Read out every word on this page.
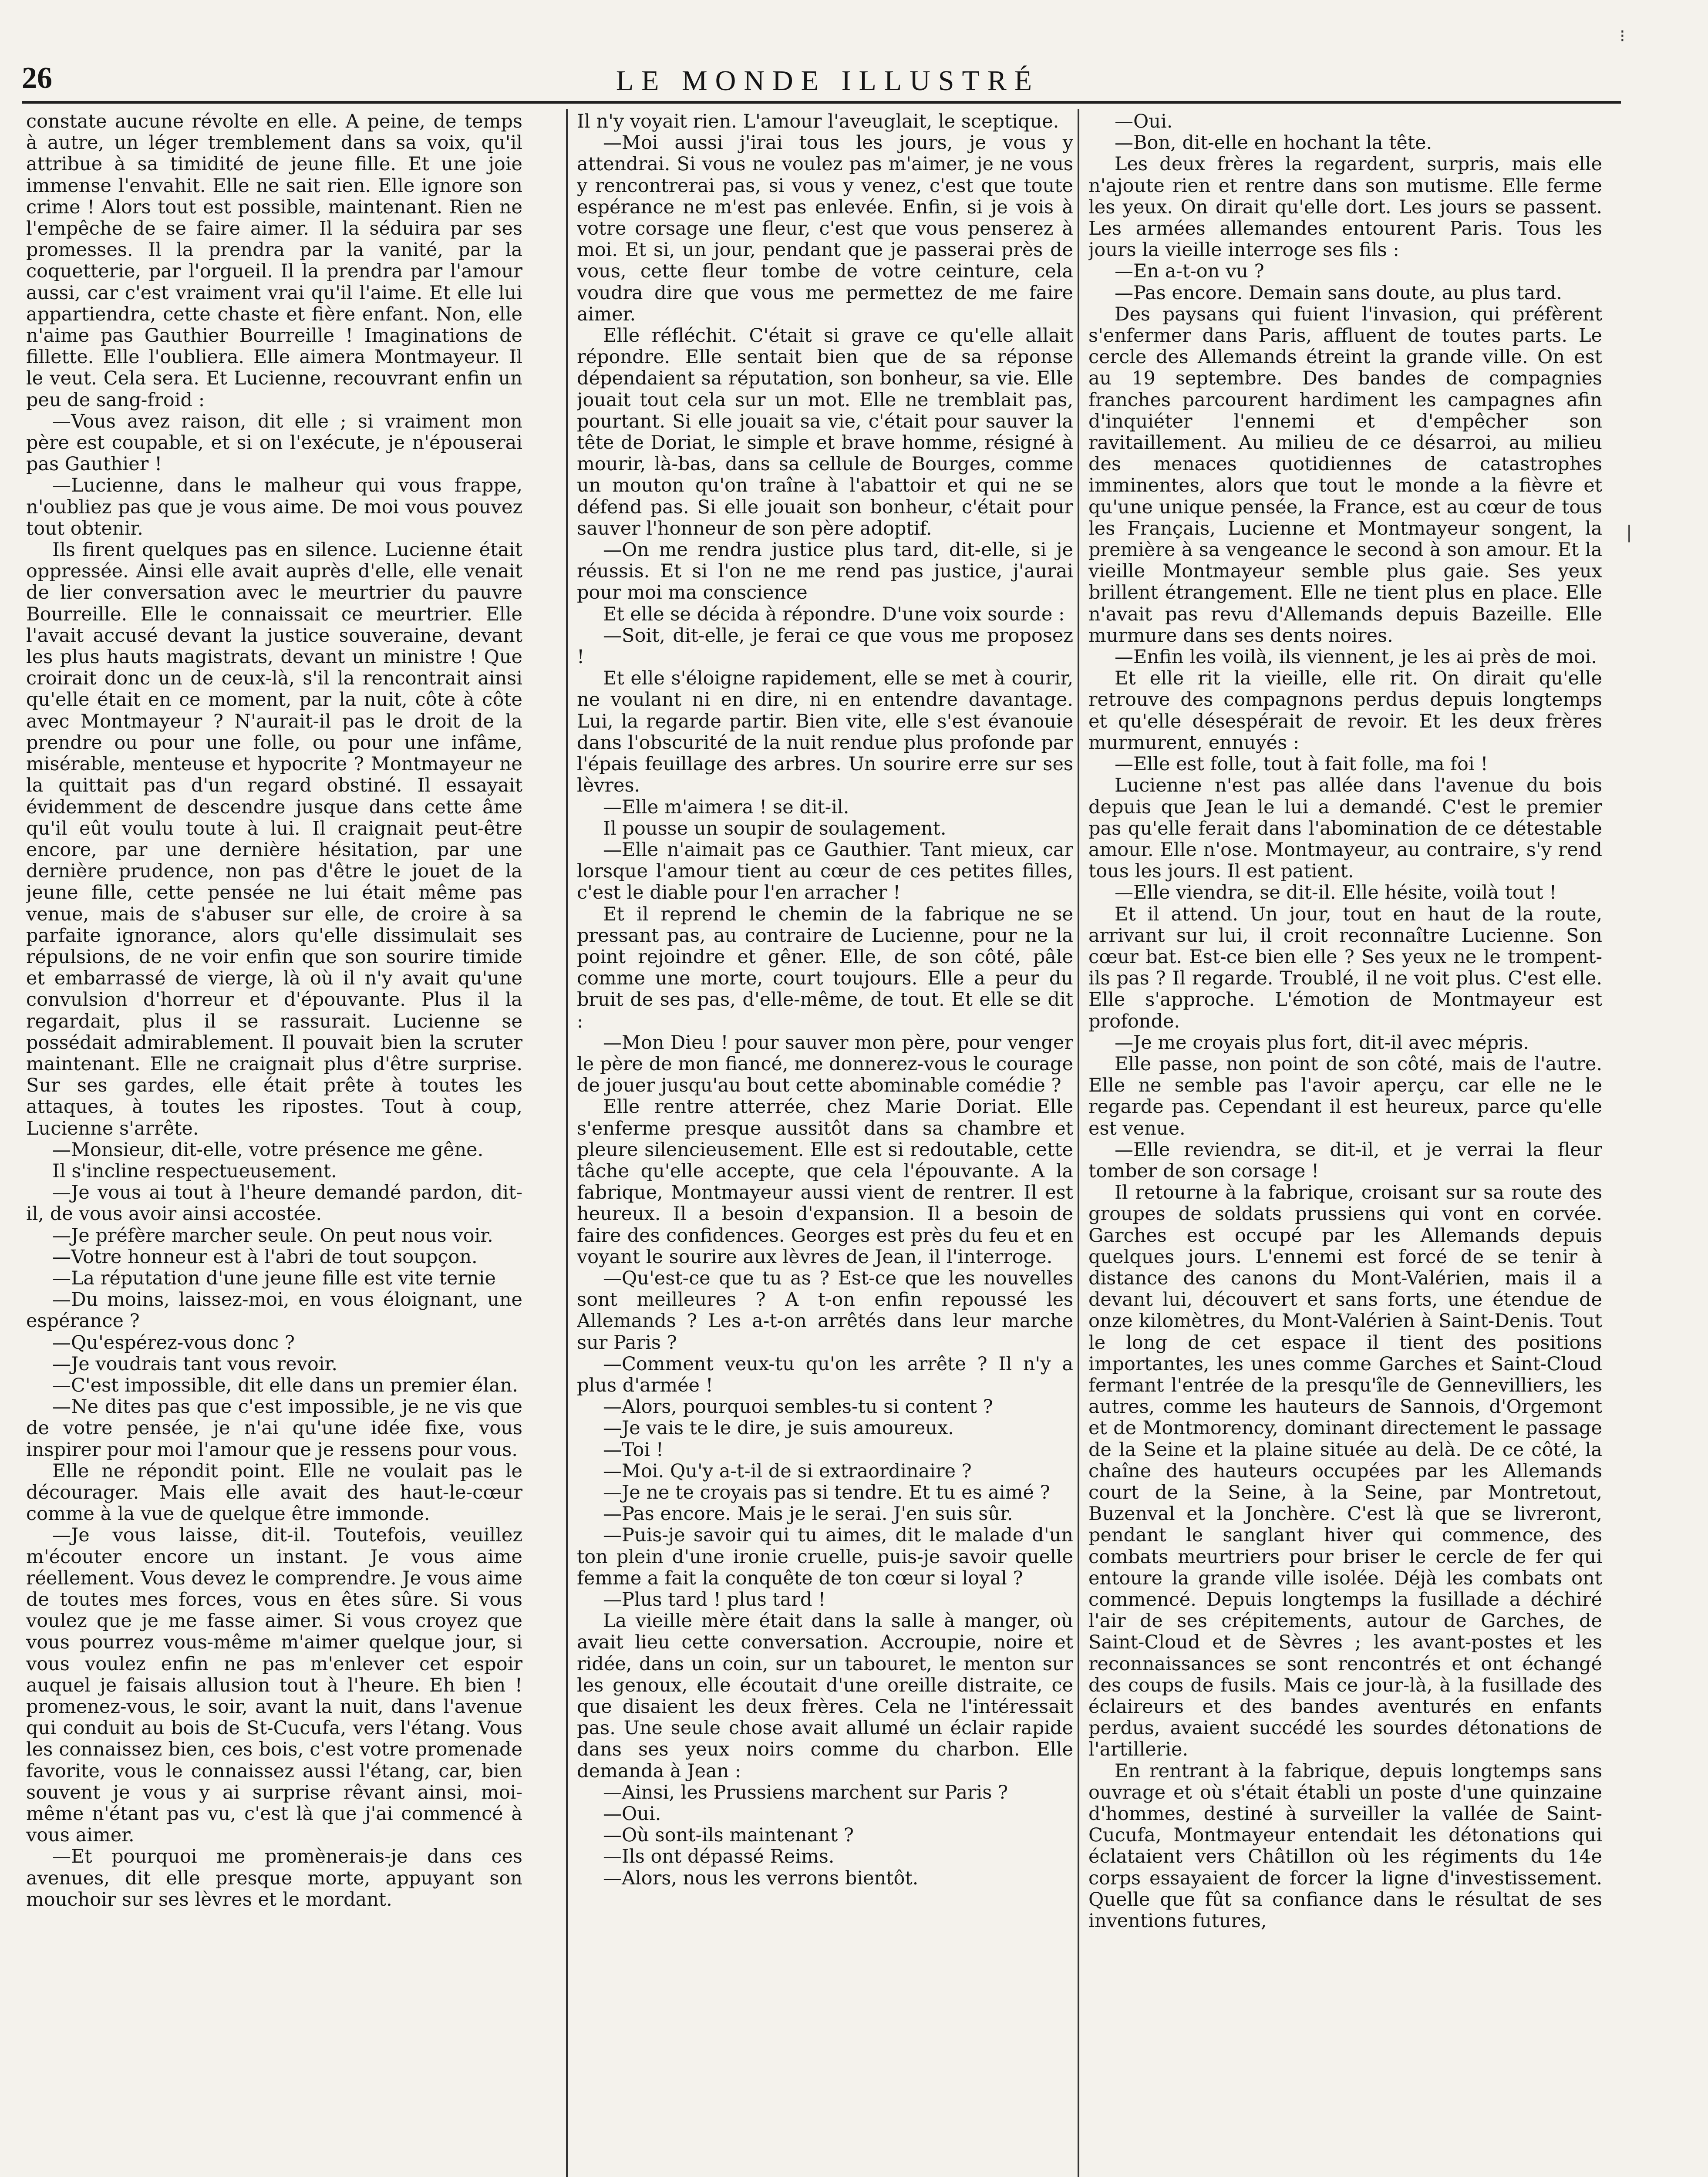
26	LE MONDE ILLUSTRÉ

constate aucune révolte en elle. A peine, de temps à autre, un léger tremblement dans sa voix, qu'il attribue à sa timidité de jeune fille. Et une joie immense l'envahit. Elle ne sait rien. Elle ignore son crime ! Alors tout est possible, maintenant. Rien ne l'empêche de se faire aimer. Il la séduira par ses promesses. Il la prendra par la vanité, par la coquetterie, par l'orgueil. Il la prendra par l'amour aussi, car c'est vraiment vrai qu'il l'aime. Et elle lui appartiendra, cette chaste et fière enfant. Non, elle n'aime pas Gauthier Bourreille ! Imaginations de fillette. Elle l'oubliera. Elle aimera Montmayeur. Il le veut. Cela sera. Et Lucienne, recouvrant enfin un peu de sang-froid :

—Vous avez raison, dit elle ; si vraiment mon père est coupable, et si on l'exécute, je n'épouserai pas Gauthier !

—Lucienne, dans le malheur qui vous frappe, n'oubliez pas que je vous aime. De moi vous pouvez tout obtenir.

Ils firent quelques pas en silence. Lucienne était oppressée. Ainsi elle avait auprès d'elle, elle venait de lier conversation avec le meurtrier du pauvre Bourreille. Elle le connaissait ce meurtrier. Elle l'avait accusé devant la justice souveraine, devant les plus hauts magistrats, devant un ministre ! Que croirait donc un de ceux-là, s'il la rencontrait ainsi qu'elle était en ce moment, par la nuit, côte à côte avec Montmayeur ? N'aurait-il pas le droit de la prendre ou pour une folle, ou pour une infâme, misérable, menteuse et hypocrite ? Montmayeur ne la quittait pas d'un regard obstiné. Il essayait évidemment de descendre jusque dans cette âme qu'il eût voulu toute à lui. Il craignait peut-être encore, par une dernière hésitation, par une dernière prudence, non pas d'être le jouet de la jeune fille, cette pensée ne lui était même pas venue, mais de s'abuser sur elle, de croire à sa parfaite ignorance, alors qu'elle dissimulait ses répulsions, de ne voir enfin que son sourire timide et embarrassé de vierge, là où il n'y avait qu'une convulsion d'horreur et d'épouvante. Plus il la regardait, plus il se rassurait. Lucienne se possédait admirablement. Il pouvait bien la scruter maintenant. Elle ne craignait plus d'être surprise. Sur ses gardes, elle était prête à toutes les attaques, à toutes les ripostes. Tout à coup, Lucienne s'arrête.

—Monsieur, dit-elle, votre présence me gêne.

Il s'incline respectueusement.

—Je vous ai tout à l'heure demandé pardon, dit-il, de vous avoir ainsi accostée.

—Je préfère marcher seule. On peut nous voir.

—Votre honneur est à l'abri de tout soupçon.

—La réputation d'une jeune fille est vite ternie

—Du moins, laissez-moi, en vous éloignant, une espérance ?

—Qu'espérez-vous donc ?

—Je voudrais tant vous revoir.

—C'est impossible, dit elle dans un premier élan.

—Ne dites pas que c'est impossible, je ne vis que de votre pensée, je n'ai qu'une idée fixe, vous inspirer pour moi l'amour que je ressens pour vous.

Elle ne répondit point. Elle ne voulait pas le décourager. Mais elle avait des haut-le-cœur comme à la vue de quelque être immonde.

—Je vous laisse, dit-il. Toutefois, veuillez m'écouter encore un instant. Je vous aime réellement. Vous devez le comprendre. Je vous aime de toutes mes forces, vous en êtes sûre. Si vous voulez que je me fasse aimer. Si vous croyez que vous pourrez vous-même m'aimer quelque jour, si vous voulez enfin ne pas m'enlever cet espoir auquel je faisais allusion tout à l'heure. Eh bien ! promenez-vous, le soir, avant la nuit, dans l'avenue qui conduit au bois de St-Cucufa, vers l'étang. Vous les connaissez bien, ces bois, c'est votre promenade favorite, vous le connaissez aussi l'étang, car, bien souvent je vous y ai surprise rêvant ainsi, moi-même n'étant pas vu, c'est là que j'ai commencé à vous aimer.

—Et pourquoi me promènerais-je dans ces avenues, dit elle presque morte, appuyant son mouchoir sur ses lèvres et le mordant.

Il n'y voyait rien. L'amour l'aveuglait, le sceptique.

—Moi aussi j'irai tous les jours, je vous y attendrai. Si vous ne voulez pas m'aimer, je ne vous y rencontrerai pas, si vous y venez, c'est que toute espérance ne m'est pas enlevée. Enfin, si je vois à votre corsage une fleur, c'est que vous penserez à moi. Et si, un jour, pendant que je passerai près de vous, cette fleur tombe de votre ceinture, cela voudra dire que vous me permettez de me faire aimer.

Elle réfléchit. C'était si grave ce qu'elle allait répondre. Elle sentait bien que de sa réponse dépendaient sa réputation, son bonheur, sa vie. Elle jouait tout cela sur un mot. Elle ne tremblait pas, pourtant. Si elle jouait sa vie, c'était pour sauver la tête de Doriat, le simple et brave homme, résigné à mourir, là-bas, dans sa cellule de Bourges, comme un mouton qu'on traîne à l'abattoir et qui ne se défend pas. Si elle jouait son bonheur, c'était pour sauver l'honneur de son père adoptif.

—On me rendra justice plus tard, dit-elle, si je réussis. Et si l'on ne me rend pas justice, j'aurai pour moi ma conscience

Et elle se décida à répondre. D'une voix sourde :

—Soit, dit-elle, je ferai ce que vous me proposez !

Et elle s'éloigne rapidement, elle se met à courir, ne voulant ni en dire, ni en entendre davantage. Lui, la regarde partir. Bien vite, elle s'est évanouie dans l'obscurité de la nuit rendue plus profonde par l'épais feuillage des arbres. Un sourire erre sur ses lèvres.

—Elle m'aimera ! se dit-il.

Il pousse un soupir de soulagement.

—Elle n'aimait pas ce Gauthier. Tant mieux, car lorsque l'amour tient au cœur de ces petites filles, c'est le diable pour l'en arracher !

Et il reprend le chemin de la fabrique ne se pressant pas, au contraire de Lucienne, pour ne la point rejoindre et gêner. Elle, de son côté, pâle comme une morte, court toujours. Elle a peur du bruit de ses pas, d'elle-même, de tout. Et elle se dit :

—Mon Dieu ! pour sauver mon père, pour venger le père de mon fiancé, me donnerez-vous le courage de jouer jusqu'au bout cette abominable comédie ?

Elle rentre atterrée, chez Marie Doriat. Elle s'enferme presque aussitôt dans sa chambre et pleure silencieusement. Elle est si redoutable, cette tâche qu'elle accepte, que cela l'épouvante. A la fabrique, Montmayeur aussi vient de rentrer. Il est heureux. Il a besoin d'expansion. Il a besoin de faire des confidences. Georges est près du feu et en voyant le sourire aux lèvres de Jean, il l'interroge.

—Qu'est-ce que tu as ? Est-ce que les nouvelles sont meilleures ? A t-on enfin repoussé les Allemands ? Les a-t-on arrêtés dans leur marche sur Paris ?

—Comment veux-tu qu'on les arrête ? Il n'y a plus d'armée !

—Alors, pourquoi sembles-tu si content ?

—Je vais te le dire, je suis amoureux.

—Toi !

—Moi. Qu'y a-t-il de si extraordinaire ?

—Je ne te croyais pas si tendre. Et tu es aimé ?

—Pas encore. Mais je le serai. J'en suis sûr.

—Puis-je savoir qui tu aimes, dit le malade d'un ton plein d'une ironie cruelle, puis-je savoir quelle femme a fait la conquête de ton cœur si loyal ?

—Plus tard ! plus tard !

La vieille mère était dans la salle à manger, où avait lieu cette conversation. Accroupie, noire et ridée, dans un coin, sur un tabouret, le menton sur les genoux, elle écoutait d'une oreille distraite, ce que disaient les deux frères. Cela ne l'intéressait pas. Une seule chose avait allumé un éclair rapide dans ses yeux noirs comme du charbon. Elle demanda à Jean :

—Ainsi, les Prussiens marchent sur Paris ?

—Oui.

—Où sont-ils maintenant ?

—Ils ont dépassé Reims.

—Alors, nous les verrons bientôt.

—Oui.

—Bon, dit-elle en hochant la tête.

Les deux frères la regardent, surpris, mais elle n'ajoute rien et rentre dans son mutisme. Elle ferme les yeux. On dirait qu'elle dort. Les jours se passent. Les armées allemandes entourent Paris. Tous les jours la vieille interroge ses fils :

—En a-t-on vu ?

—Pas encore. Demain sans doute, au plus tard.

Des paysans qui fuient l'invasion, qui préfèrent s'enfermer dans Paris, affluent de toutes parts. Le cercle des Allemands étreint la grande ville. On est au 19 septembre. Des bandes de compagnies franches parcourent hardiment les campagnes afin d'inquiéter l'ennemi et d'empêcher son ravitaillement. Au milieu de ce désarroi, au milieu des menaces quotidiennes de catastrophes imminentes, alors que tout le monde a la fièvre et qu'une unique pensée, la France, est au cœur de tous les Français, Lucienne et Montmayeur songent, la première à sa vengeance le second à son amour. Et la vieille Montmayeur semble plus gaie. Ses yeux brillent étrangement. Elle ne tient plus en place. Elle n'avait pas revu d'Allemands depuis Bazeille. Elle murmure dans ses dents noires.

—Enfin les voilà, ils viennent, je les ai près de moi.

Et elle rit la vieille, elle rit. On dirait qu'elle retrouve des compagnons perdus depuis longtemps et qu'elle désespérait de revoir. Et les deux frères murmurent, ennuyés :

—Elle est folle, tout à fait folle, ma foi !

Lucienne n'est pas allée dans l'avenue du bois depuis que Jean le lui a demandé. C'est le premier pas qu'elle ferait dans l'abomination de ce détestable amour. Elle n'ose. Montmayeur, au contraire, s'y rend tous les jours. Il est patient.

—Elle viendra, se dit-il. Elle hésite, voilà tout !

Et il attend. Un jour, tout en haut de la route, arrivant sur lui, il croit reconnaître Lucienne. Son cœur bat. Est-ce bien elle ? Ses yeux ne le trompent-ils pas ? Il regarde. Troublé, il ne voit plus. C'est elle. Elle s'approche. L'émotion de Montmayeur est profonde.

—Je me croyais plus fort, dit-il avec mépris.

Elle passe, non point de son côté, mais de l'autre. Elle ne semble pas l'avoir aperçu, car elle ne le regarde pas. Cependant il est heureux, parce qu'elle est venue.

—Elle reviendra, se dit-il, et je verrai la fleur tomber de son corsage !

Il retourne à la fabrique, croisant sur sa route des groupes de soldats prussiens qui vont en corvée. Garches est occupé par les Allemands depuis quelques jours. L'ennemi est forcé de se tenir à distance des canons du Mont-Valérien, mais il a devant lui, découvert et sans forts, une étendue de onze kilomètres, du Mont-Valérien à Saint-Denis. Tout le long de cet espace il tient des positions importantes, les unes comme Garches et Saint-Cloud fermant l'entrée de la presqu'île de Gennevilliers, les autres, comme les hauteurs de Sannois, d'Orgemont et de Montmorency, dominant directement le passage de la Seine et la plaine située au delà. De ce côté, la chaîne des hauteurs occupées par les Allemands court de la Seine, à la Seine, par Montretout, Buzenval et la Jonchère. C'est là que se livreront, pendant le sanglant hiver qui commence, des combats meurtriers pour briser le cercle de fer qui entoure la grande ville isolée. Déjà les combats ont commencé. Depuis longtemps la fusillade a déchiré l'air de ses crépitements, autour de Garches, de Saint-Cloud et de Sèvres ; les avant-postes et les reconnaissances se sont rencontrés et ont échangé des coups de fusils. Mais ce jour-là, à la fusillade des éclaireurs et des bandes aventurés en enfants perdus, avaient succédé les sourdes détonations de l'artillerie.

En rentrant à la fabrique, depuis longtemps sans ouvrage et où s'était établi un poste d'une quinzaine d'hommes, destiné à surveiller la vallée de Saint-Cucufa, Montmayeur entendait les détonations qui éclataient vers Châtillon où les régiments du 14e corps essayaient de forcer la ligne d'investissement. Quelle que fût sa confiance dans le résultat de ses inventions futures,

⁝
|
